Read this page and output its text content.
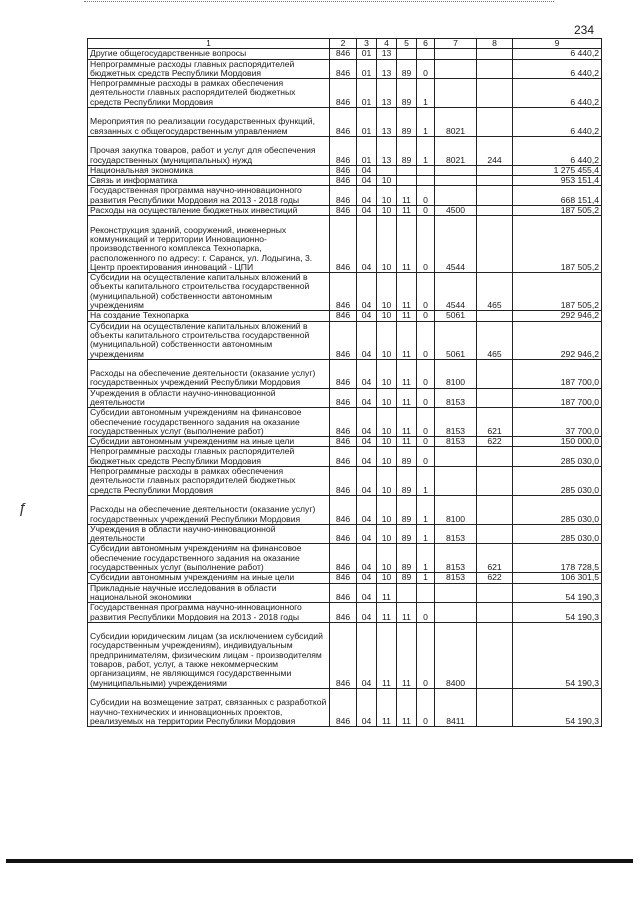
234
1	2	3	4	5	6	7	8	9
Другие общегосударственные вопросы	846	01	13					6 440,2
Непрограммные расходы главных распорядителей бюджетных средств Республики Мордовия	846	01	13	89	0			6 440,2
Непрограммные расходы в рамках обеспечения деятельности главных распорядителей бюджетных средств Республики Мордовия	846	01	13	89	1			6 440,2
Мероприятия по реализации государственных функций, связанных с общегосударственным управлением	846	01	13	89	1	8021		6 440,2
Прочая закупка товаров, работ и услуг для обеспечения государственных (муниципальных) нужд	846	01	13	89	1	8021	244	6 440,2
Национальная экономика	846	04						1 275 455,4
Связь и информатика	846	04	10					953 151,4
Государственная программа научно-инновационного развития Республики Мордовия на 2013 - 2018 годы	846	04	10	11	0			668 151,4
Расходы на осуществление бюджетных инвестиций	846	04	10	11	0	4500		187 505,2
Реконструкция зданий, сооружений, инженерных коммуникаций и территории Инновационно-производственного комплекса Технопарка, расположенного по адресу: г. Саранск, ул. Лодыгина, 3. Центр проектирования инноваций - ЦПИ	846	04	10	11	0	4544		187 505,2
Субсидии на осуществление капитальных вложений в объекты капитального строительства государственной (муниципальной) собственности автономным учреждениям	846	04	10	11	0	4544	465	187 505,2
На создание Технопарка	846	04	10	11	0	5061		292 946,2
Субсидии на осуществление капитальных вложений в объекты капитального строительства государственной (муниципальной) собственности автономным учреждениям	846	04	10	11	0	5061	465	292 946,2
Расходы на обеспечение деятельности (оказание услуг) государственных учреждений Республики Мордовия	846	04	10	11	0	8100		187 700,0
Учреждения в области научно-инновационной деятельности	846	04	10	11	0	8153		187 700,0
Субсидии автономным учреждениям на финансовое обеспечение государственного задания на оказание государственных услуг (выполнение работ)	846	04	10	11	0	8153	621	37 700,0
Субсидии автономным учреждениям на иные цели	846	04	10	11	0	8153	622	150 000,0
Непрограммные расходы главных распорядителей бюджетных средств Республики Мордовия	846	04	10	89	0			285 030,0
Непрограммные расходы в рамках обеспечения деятельности главных распорядителей бюджетных средств Республики Мордовия	846	04	10	89	1			285 030,0
Расходы на обеспечение деятельности (оказание услуг) государственных учреждений Республики Мордовия	846	04	10	89	1	8100		285 030,0
Учреждения в области научно-инновационной деятельности	846	04	10	89	1	8153		285 030,0
Субсидии автономным учреждениям на финансовое обеспечение государственного задания на оказание государственных услуг (выполнение работ)	846	04	10	89	1	8153	621	178 728,5
Субсидии автономным учреждениям на иные цели	846	04	10	89	1	8153	622	106 301,5
Прикладные научные исследования в области национальной экономики	846	04	11					54 190,3
Государственная программа научно-инновационного развития Республики Мордовия на 2013 - 2018 годы	846	04	11	11	0			54 190,3
Субсидии юридическим лицам (за исключением субсидий государственным учреждениям), индивидуальным предпринимателям, физическим лицам - производителям товаров, работ, услуг, а также некоммерческим организациям, не являющимся государственными (муниципальными) учреждениями	846	04	11	11	0	8400		54 190,3
Субсидии на возмещение затрат, связанных с разработкой научно-технических и инновационных проектов, реализуемых на территории Республики Мордовия	846	04	11	11	0	8411		54 190,3
ƒ
